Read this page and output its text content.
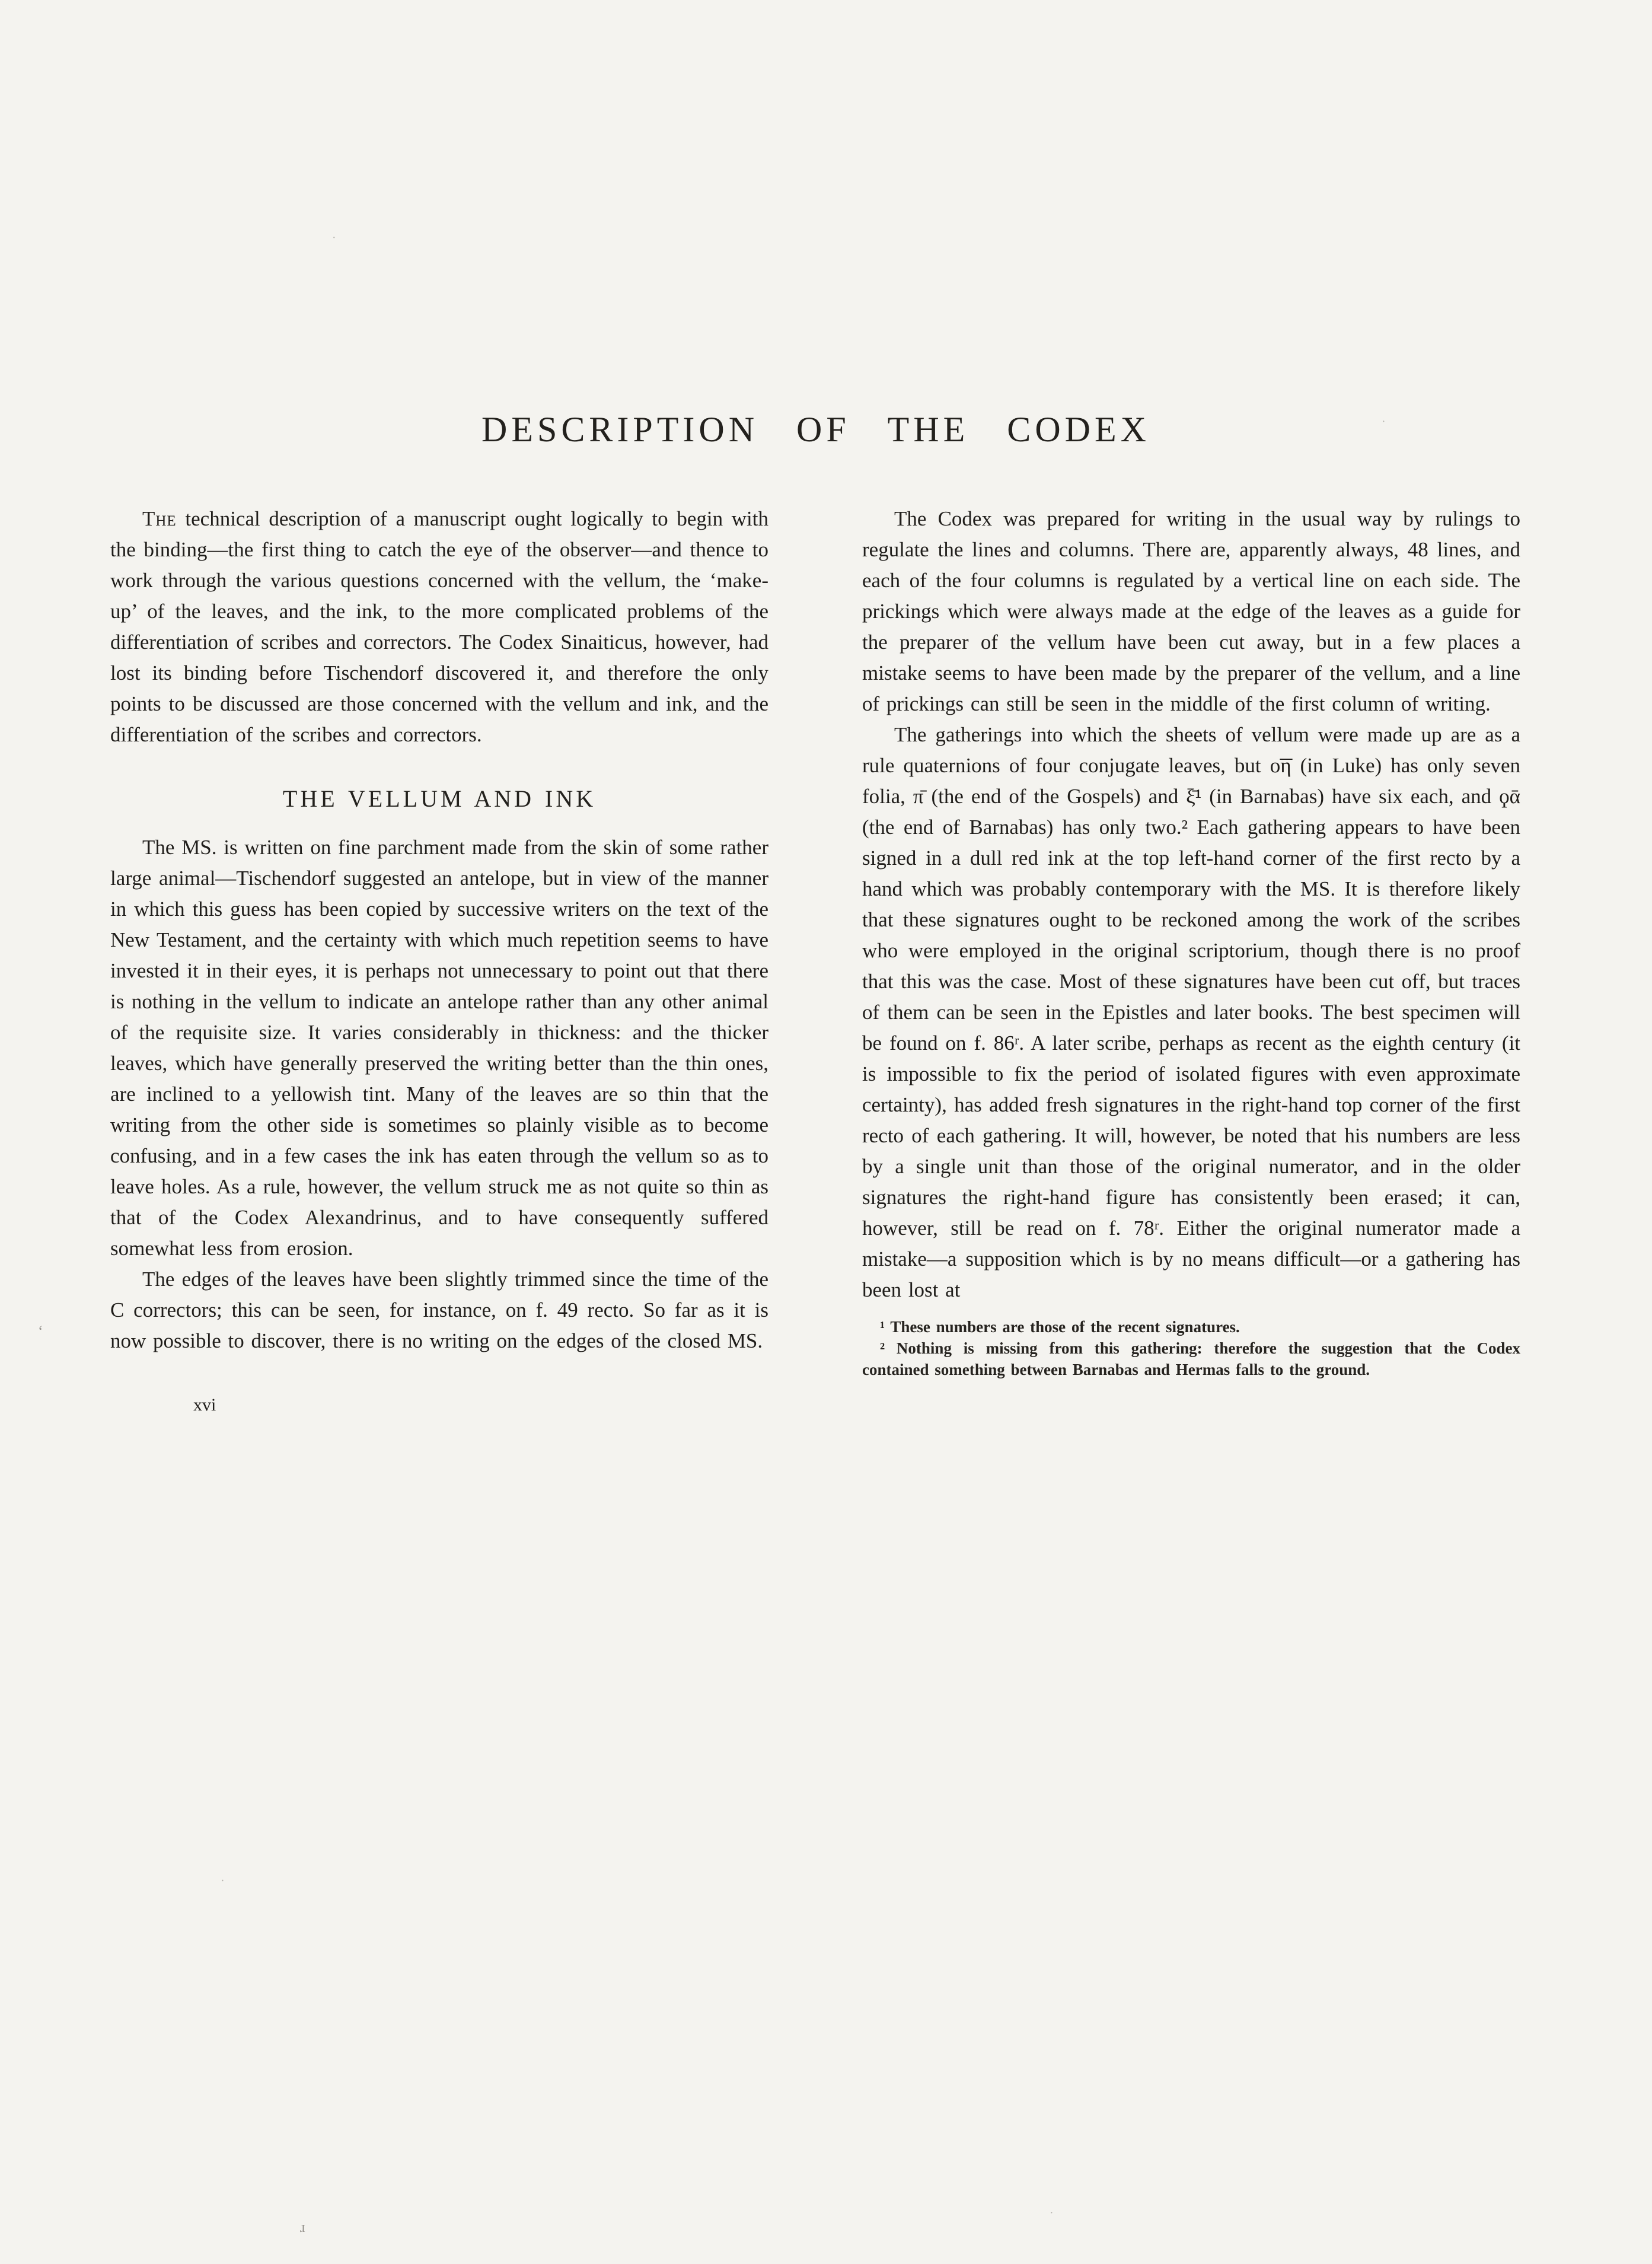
DESCRIPTION OF THE CODEX

The technical description of a manuscript ought logically to begin with the binding—the first thing to catch the eye of the observer—and thence to work through the various questions concerned with the vellum, the ‘make-up’ of the leaves, and the ink, to the more complicated problems of the differentiation of scribes and correctors. The Codex Sinaiticus, however, had lost its binding before Tischendorf discovered it, and therefore the only points to be discussed are those concerned with the vellum and ink, and the differentiation of the scribes and correctors.

THE VELLUM AND INK

The MS. is written on fine parchment made from the skin of some rather large animal—Tischendorf suggested an antelope, but in view of the manner in which this guess has been copied by successive writers on the text of the New Testament, and the certainty with which much repetition seems to have invested it in their eyes, it is perhaps not unnecessary to point out that there is nothing in the vellum to indicate an antelope rather than any other animal of the requisite size. It varies considerably in thickness: and the thicker leaves, which have generally preserved the writing better than the thin ones, are inclined to a yellowish tint. Many of the leaves are so thin that the writing from the other side is sometimes so plainly visible as to become confusing, and in a few cases the ink has eaten through the vellum so as to leave holes. As a rule, however, the vellum struck me as not quite so thin as that of the Codex Alexandrinus, and to have consequently suffered somewhat less from erosion.

The edges of the leaves have been slightly trimmed since the time of the C correctors; this can be seen, for instance, on f. 49 recto. So far as it is now possible to discover, there is no writing on the edges of the closed MS.

xvi

The Codex was prepared for writing in the usual way by rulings to regulate the lines and columns. There are, apparently always, 48 lines, and each of the four columns is regulated by a vertical line on each side. The prickings which were always made at the edge of the leaves as a guide for the preparer of the vellum have been cut away, but in a few places a mistake seems to have been made by the preparer of the vellum, and a line of prickings can still be seen in the middle of the first column of writing.

The gatherings into which the sheets of vellum were made up are as a rule quaternions of four conjugate leaves, but ο͞η (in Luke) has only seven folia, π̄ (the end of the Gospels) and ξ̄¹ (in Barnabas) have six each, and ϙᾱ (the end of Barnabas) has only two.² Each gathering appears to have been signed in a dull red ink at the top left-hand corner of the first recto by a hand which was probably contemporary with the MS. It is therefore likely that these signatures ought to be reckoned among the work of the scribes who were employed in the original scriptorium, though there is no proof that this was the case. Most of these signatures have been cut off, but traces of them can be seen in the Epistles and later books. The best specimen will be found on f. 86ʳ. A later scribe, perhaps as recent as the eighth century (it is impossible to fix the period of isolated figures with even approximate certainty), has added fresh signatures in the right-hand top corner of the first recto of each gathering. It will, however, be noted that his numbers are less by a single unit than those of the original numerator, and in the older signatures the right-hand figure has consistently been erased; it can, however, still be read on f. 78ʳ. Either the original numerator made a mistake—a supposition which is by no means difficult—or a gathering has been lost at

¹ These numbers are those of the recent signatures.

² Nothing is missing from this gathering: therefore the suggestion that the Codex contained something between Barnabas and Hermas falls to the ground.

‘
ɹ
·
·
·
·
